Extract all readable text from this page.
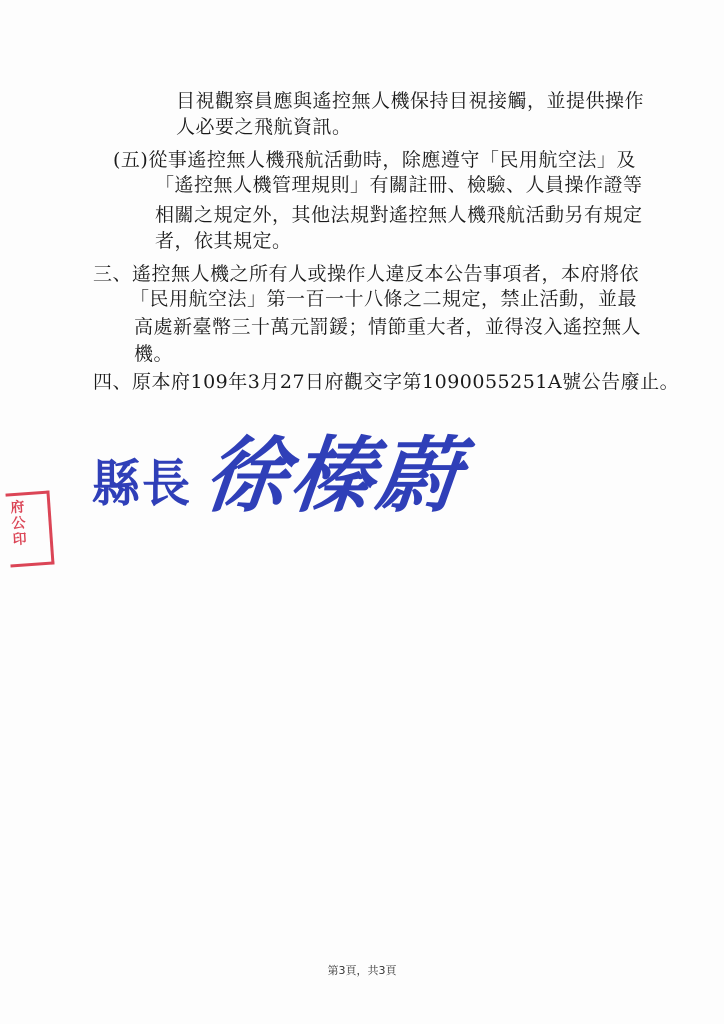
目視觀察員應與遙控無人機保持目視接觸，並提供操作
人必要之飛航資訊。
(五)從事遙控無人機飛航活動時，除應遵守「民用航空法」及
「遙控無人機管理規則」有關註冊、檢驗、人員操作證等
相關之規定外，其他法規對遙控無人機飛航活動另有規定
者，依其規定。
三、遙控無人機之所有人或操作人違反本公告事項者，本府將依
「民用航空法」第一百一十八條之二規定，禁止活動，並最
高處新臺幣三十萬元罰鍰；情節重大者，並得沒入遙控無人
機。
四、原本府109年3月27日府觀交字第1090055251A號公告廢止。
府
公
印
縣長 徐榛蔚
第3頁，共3頁
